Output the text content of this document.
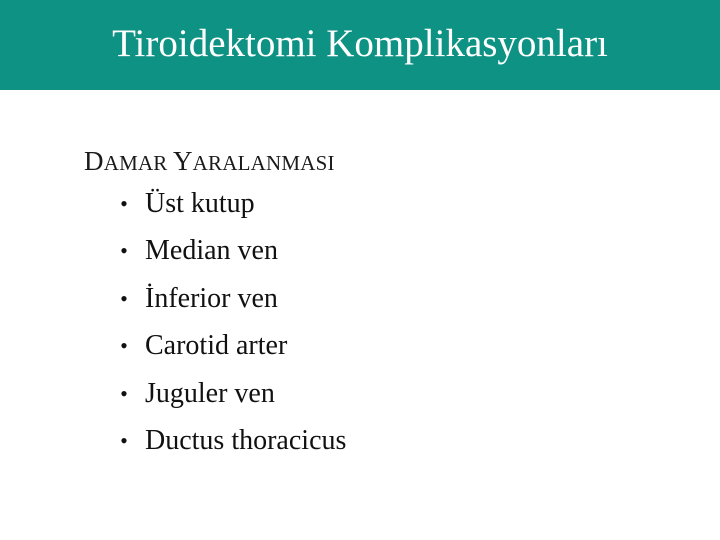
Tiroidektomi Komplikasyonları
DAMAR YARALANMASI
• Üst kutup
• Median ven
• İnferior ven
• Carotid arter
• Juguler ven
• Ductus thoracicus
